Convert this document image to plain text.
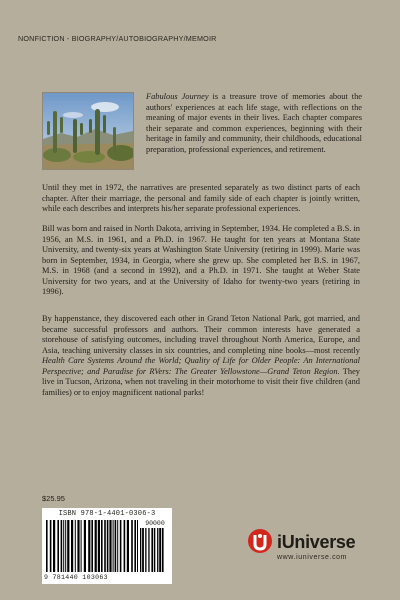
NONFICTION - BIOGRAPHY/AUTOBIOGRAPHY/MEMOIR

Fabulous Journey is a treasure trove of memories about the authors' experiences at each life stage, with reflections on the meaning of major events in their lives. Each chapter compares their separate and common experiences, beginning with their heritage in family and community, their childhoods, educational preparation, professional experiences, and retirement.

Until they met in 1972, the narratives are presented separately as two distinct parts of each chapter. After their marriage, the personal and family side of each chapter is jointly written, while each describes and interprets his/her separate professional experiences.

Bill was born and raised in North Dakota, arriving in September, 1934. He completed a B.S. in 1956, an M.S. in 1961, and a Ph.D. in 1967. He taught for ten years at Montana State University, and twenty-six years at Washington State University (retiring in 1999). Marie was born in September, 1934, in Georgia, where she grew up. She completed her B.S. in 1967, M.S. in 1968 (and a second in 1992), and a Ph.D. in 1971. She taught at Weber State University for two years, and at the University of Idaho for twenty-two years (retiring in 1996).

By happenstance, they discovered each other in Grand Teton National Park, got married, and became successful professors and authors. Their common interests have generated a storehouse of satisfying outcomes, including travel throughout North America, Europe, and Asia, teaching university classes in six countries, and completing nine books—most recently Health Care Systems Around the World; Quality of Life for Older People: An International Perspective; and Paradise for RVers: The Greater Yellowstone—Grand Teton Region. They live in Tucson, Arizona, when not traveling in their motorhome to visit their five children (and families) or to enjoy magnificent national parks!

$25.95
ISBN 978-1-4401-0306-3
90000
9 781440 103063
iUniverse
www.iuniverse.com
